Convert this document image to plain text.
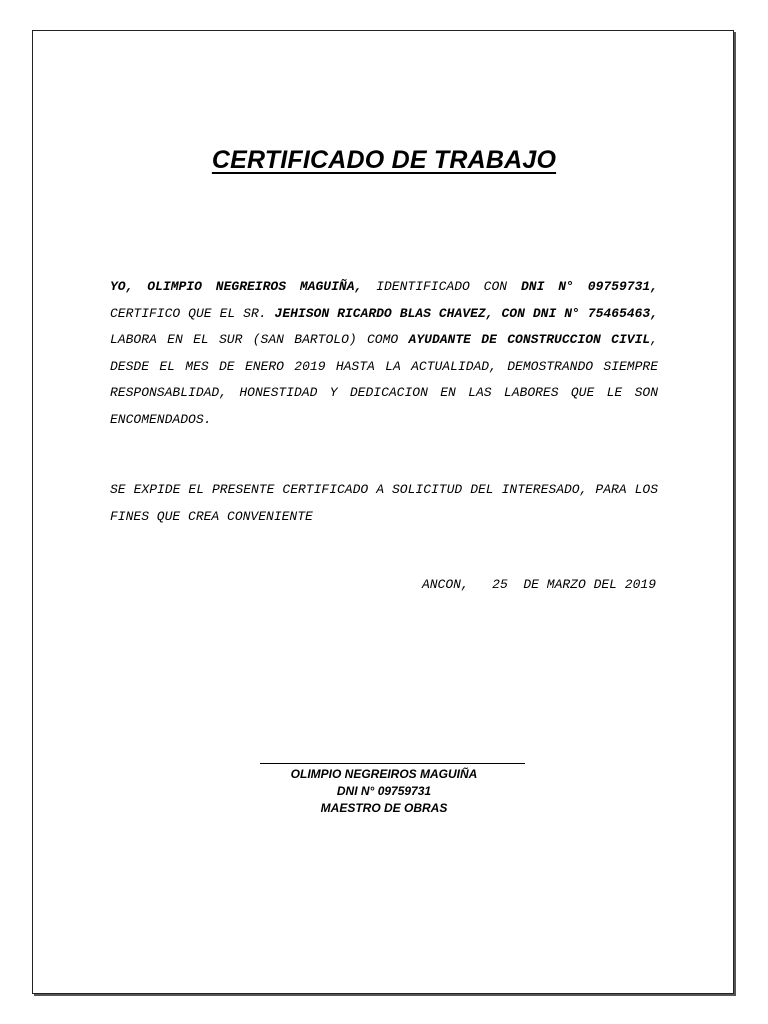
CERTIFICADO DE TRABAJO

YO, OLIMPIO NEGREIROS MAGUIÑA, IDENTIFICADO CON DNI N° 09759731, CERTIFICO QUE EL SR. JEHISON RICARDO BLAS CHAVEZ, CON DNI N° 75465463, LABORA EN EL SUR (SAN BARTOLO) COMO AYUDANTE DE CONSTRUCCION CIVIL, DESDE EL MES DE ENERO 2019 HASTA LA ACTUALIDAD, DEMOSTRANDO SIEMPRE RESPONSABLIDAD, HONESTIDAD Y DEDICACION EN LAS LABORES QUE LE SON ENCOMENDADOS.

SE EXPIDE EL PRESENTE CERTIFICADO A SOLICITUD DEL INTERESADO, PARA LOS FINES QUE CREA CONVENIENTE

ANCON,   25  DE MARZO DEL 2019
OLIMPIO NEGREIROS MAGUIÑA
DNI N° 09759731
MAESTRO DE OBRAS
